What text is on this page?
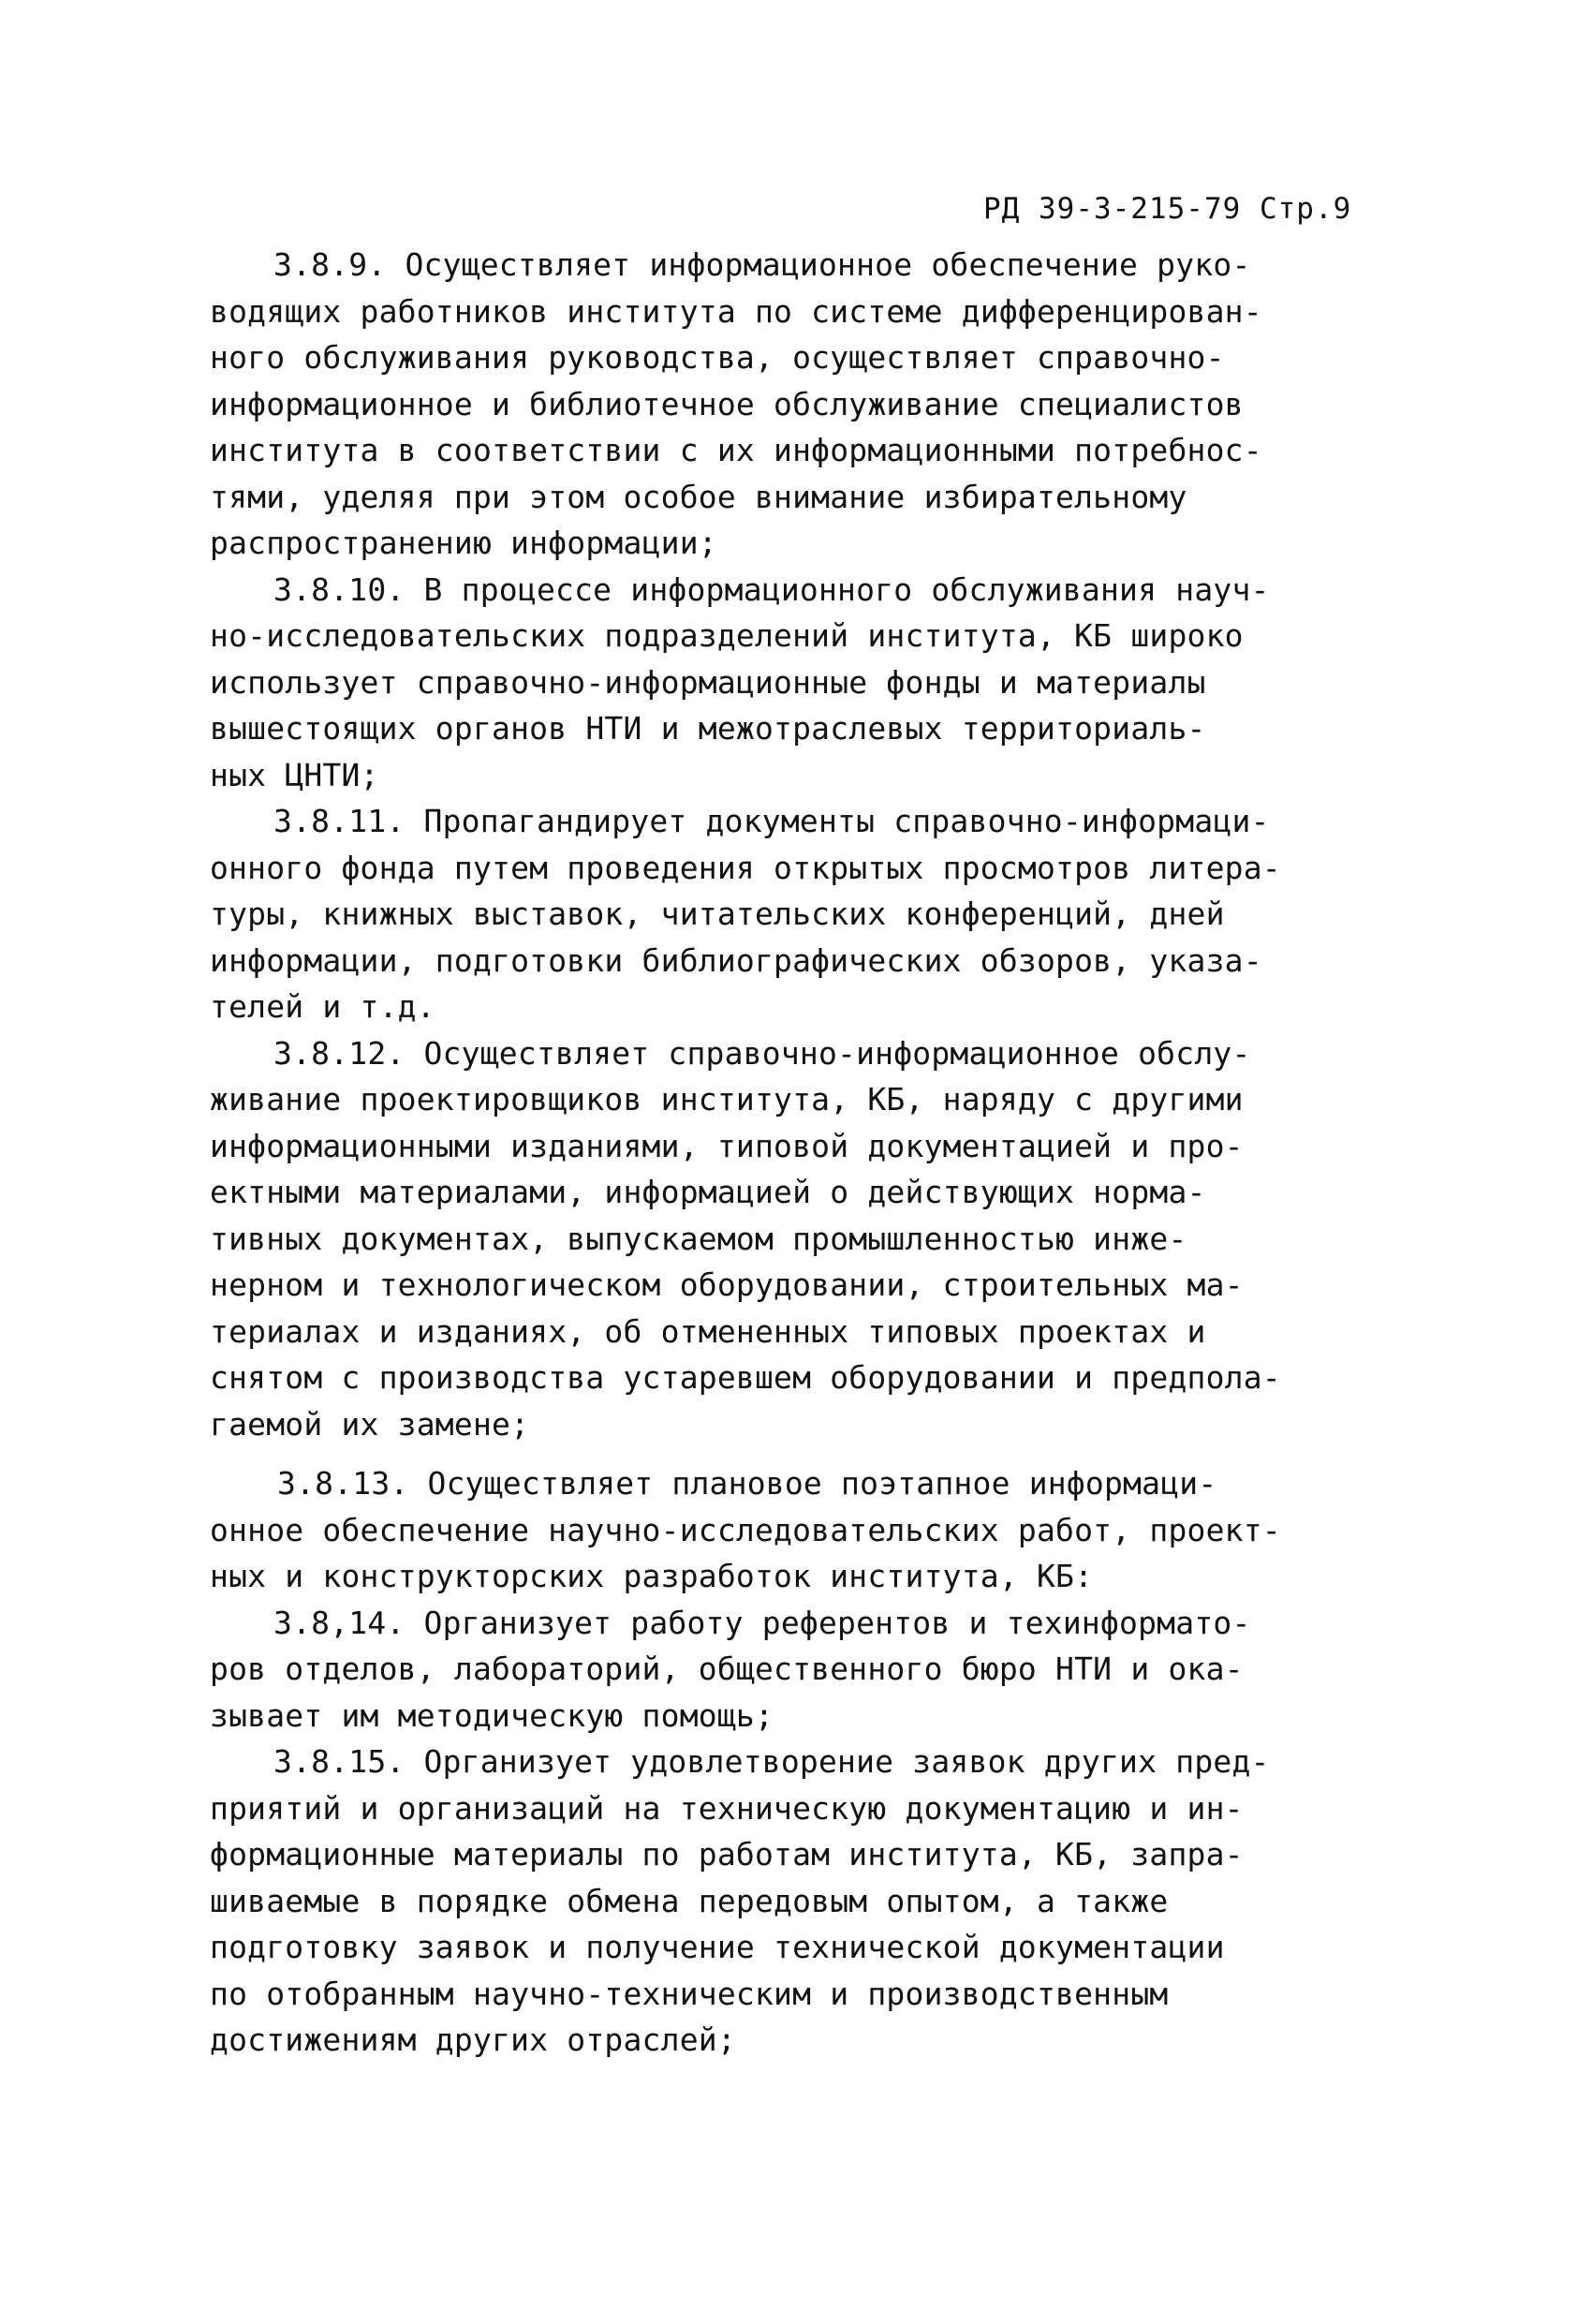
РД 39-3-215-79 Стр.9
3.8.9. Осуществляет информационное обеспечение руко-
водящих работников института по системе дифференцирован-
ного обслуживания руководства, осуществляет справочно-
информационное и библиотечное обслуживание специалистов
института в соответствии с их информационными потребнос-
тями, уделяя при этом особое внимание избирательному
распространению информации;
3.8.10. В процессе информационного обслуживания науч-
но-исследовательских подразделений института, КБ широко
использует справочно-информационные фонды и материалы
вышестоящих органов НТИ и межотраслевых территориаль-
ных ЦНТИ;
3.8.11. Пропагандирует документы справочно-информаци-
онного фонда путем проведения открытых просмотров литера-
туры, книжных выставок, читательских конференций, дней
информации, подготовки библиографических обзоров, указа-
телей и т.д.
3.8.12. Осуществляет справочно-информационное обслу-
живание проектировщиков института, КБ, наряду с другими
информационными изданиями, типовой документацией и про-
ектными материалами, информацией о действующих норма-
тивных документах, выпускаемом промышленностью инже-
нерном и технологическом оборудовании, строительных ма-
териалах и изданиях, об отмененных типовых проектах и
снятом с производства устаревшем оборудовании и предпола-
гаемой их замене;
3.8.13. Осуществляет плановое поэтапное информаци-
онное обеспечение научно-исследовательских работ, проект-
ных и конструкторских разработок института, КБ:
3.8,14. Организует работу референтов и техинформато-
ров отделов, лабораторий, общественного бюро НТИ и ока-
зывает им методическую помощь;
3.8.15. Организует удовлетворение заявок других пред-
приятий и организаций на техническую документацию и ин-
формационные материалы по работам института, КБ, запра-
шиваемые в порядке обмена передовым опытом, а также
подготовку заявок и получение технической документации
по отобранным научно-техническим и производственным
достижениям других отраслей;
